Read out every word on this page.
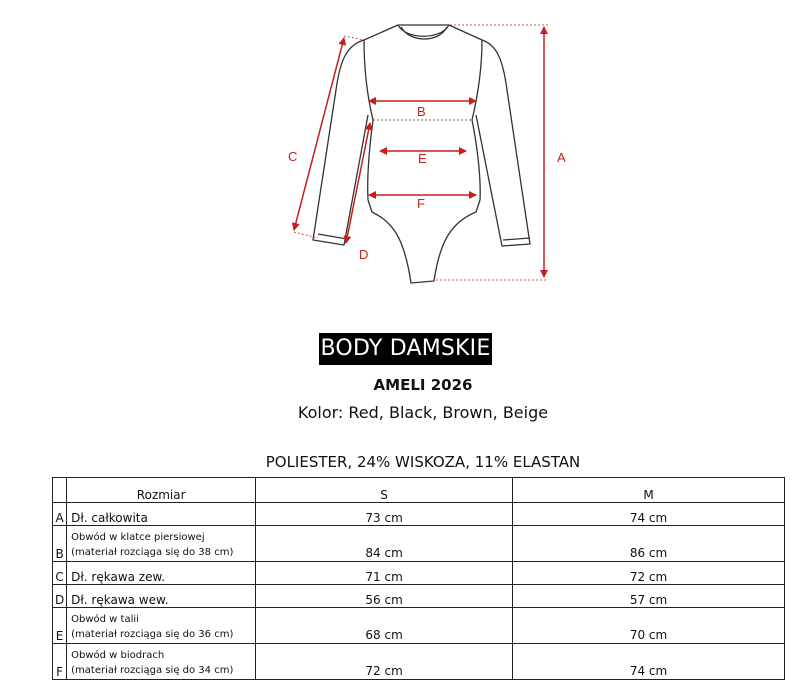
A
B
C
D
E
F
BODY DAMSKIE
AMELI 2026
Kolor: Red, Black, Brown, Beige
POLIESTER, 24% WISKOZA, 11% ELASTAN
	Rozmiar	S	M
A	Dł. całkowita	73 cm	74 cm
B	Obwód w klatce piersiowej
(materiał rozciąga się do 38 cm)	84 cm	86 cm
C	Dł. rękawa zew.	71 cm	72 cm
D	Dł. rękawa wew.	56 cm	57 cm
E	Obwód w talii
(materiał rozciąga się do 36 cm)	68 cm	70 cm
F	Obwód w biodrach
(materiał rozciąga się do 34 cm)	72 cm	74 cm
